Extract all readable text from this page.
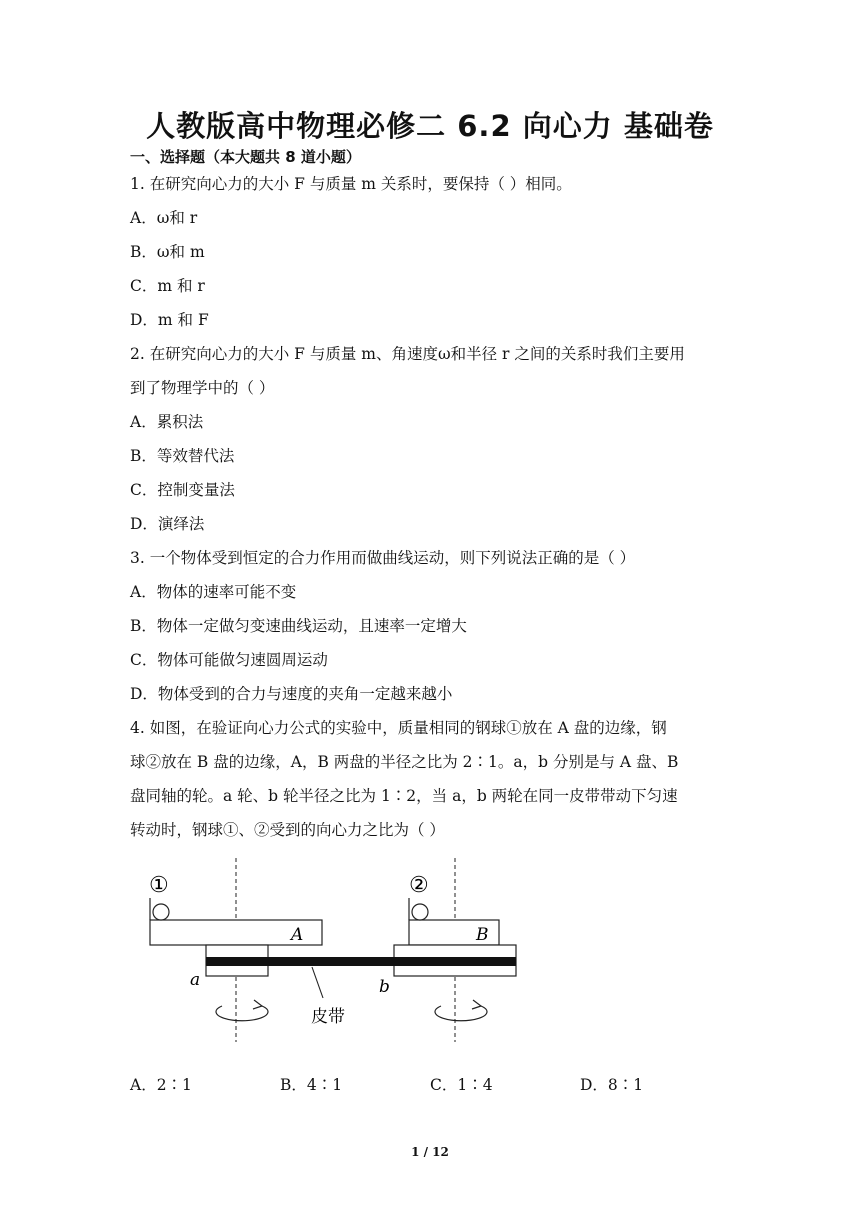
人教版高中物理必修二 6.2 向心力 基础卷
一、选择题（本大题共 8 道小题）
1. 在研究向心力的大小 F 与质量 m 关系时，要保持（ ）相同。
A．ω和 r
B．ω和 m
C．m 和 r
D．m 和 F
2. 在研究向心力的大小 F 与质量 m、角速度ω和半径 r 之间的关系时我们主要用
到了物理学中的（ ）
A．累积法
B．等效替代法
C．控制变量法
D．演绎法
3. 一个物体受到恒定的合力作用而做曲线运动，则下列说法正确的是（ ）
A．物体的速率可能不变
B．物体一定做匀变速曲线运动，且速率一定增大
C．物体可能做匀速圆周运动
D．物体受到的合力与速度的夹角一定越来越小
4. 如图，在验证向心力公式的实验中，质量相同的钢球①放在 A 盘的边缘，钢
球②放在 B 盘的边缘，A，B 两盘的半径之比为 2∶1。a，b 分别是与 A 盘、B
盘同轴的轮。a 轮、b 轮半径之比为 1∶2，当 a，b 两轮在同一皮带带动下匀速
转动时，钢球①、②受到的向心力之比为（ ）
A
①
B
②
a	b
皮带
A．2∶1	B．4∶1	C．1∶4	D．8∶1
1 / 12
